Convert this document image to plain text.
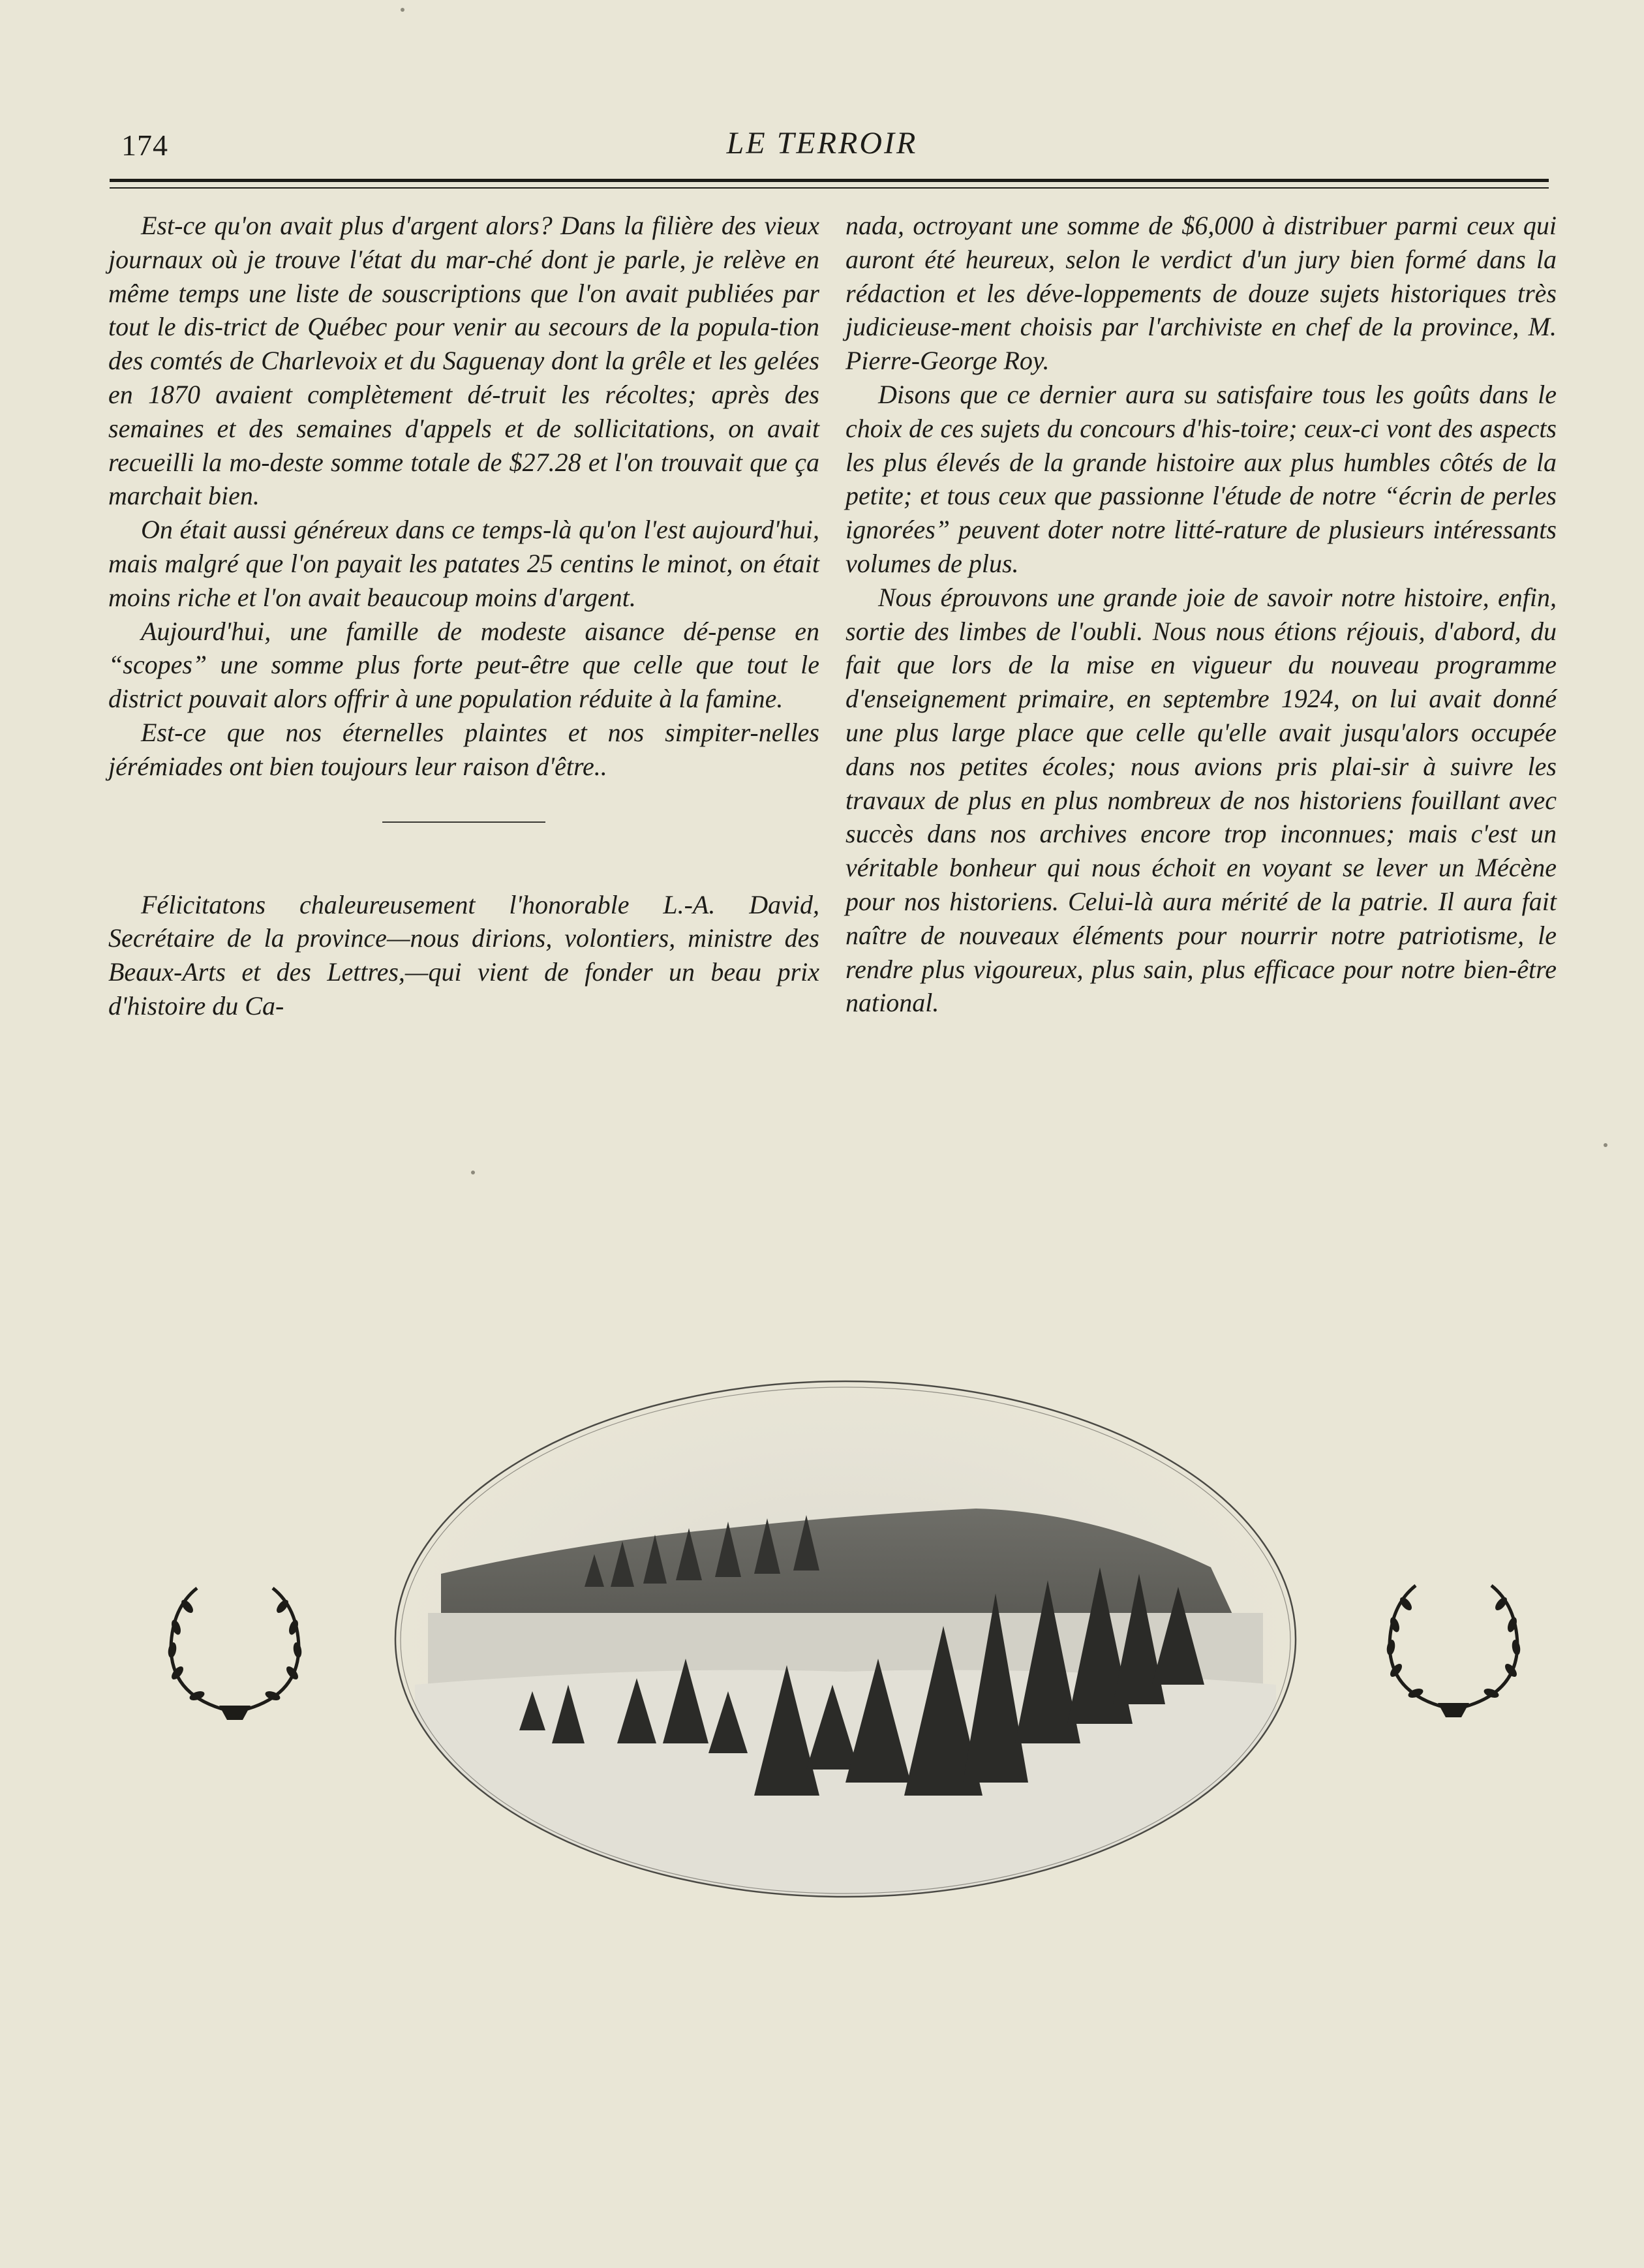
174	LE TERROIR

Est-ce qu'on avait plus d'argent alors? Dans la filière des vieux journaux où je trouve l'état du mar-ché dont je parle, je relève en même temps une liste de souscriptions que l'on avait publiées par tout le dis-trict de Québec pour venir au secours de la popula-tion des comtés de Charlevoix et du Saguenay dont la grêle et les gelées en 1870 avaient complètement dé-truit les récoltes; après des semaines et des semaines d'appels et de sollicitations, on avait recueilli la mo-deste somme totale de $27.28 et l'on trouvait que ça marchait bien.

On était aussi généreux dans ce temps-là qu'on l'est aujourd'hui, mais malgré que l'on payait les patates 25 centins le minot, on était moins riche et l'on avait beaucoup moins d'argent.

Aujourd'hui, une famille de modeste aisance dé-pense en “scopes” une somme plus forte peut-être que celle que tout le district pouvait alors offrir à une population réduite à la famine.

Est-ce que nos éternelles plaintes et nos simpiter-nelles jérémiades ont bien toujours leur raison d'être..

Félicitatons chaleureusement l'honorable L.-A. David, Secrétaire de la province—nous dirions, volontiers, ministre des Beaux-Arts et des Lettres,—qui vient de fonder un beau prix d'histoire du Ca-

nada, octroyant une somme de $6,000 à distribuer parmi ceux qui auront été heureux, selon le verdict d'un jury bien formé dans la rédaction et les déve-loppements de douze sujets historiques très judicieuse-ment choisis par l'archiviste en chef de la province, M. Pierre-George Roy.

Disons que ce dernier aura su satisfaire tous les goûts dans le choix de ces sujets du concours d'his-toire; ceux-ci vont des aspects les plus élevés de la grande histoire aux plus humbles côtés de la petite; et tous ceux que passionne l'étude de notre “écrin de perles ignorées” peuvent doter notre litté-rature de plusieurs intéressants volumes de plus.

Nous éprouvons une grande joie de savoir notre histoire, enfin, sortie des limbes de l'oubli. Nous nous étions réjouis, d'abord, du fait que lors de la mise en vigueur du nouveau programme d'enseignement primaire, en septembre 1924, on lui avait donné une plus large place que celle qu'elle avait jusqu'alors occupée dans nos petites écoles; nous avions pris plai-sir à suivre les travaux de plus en plus nombreux de nos historiens fouillant avec succès dans nos archives encore trop inconnues; mais c'est un véritable bonheur qui nous échoit en voyant se lever un Mécène pour nos historiens. Celui-là aura mérité de la patrie. Il aura fait naître de nouveaux éléments pour nourrir notre patriotisme, le rendre plus vigoureux, plus sain, plus efficace pour notre bien-être national.
